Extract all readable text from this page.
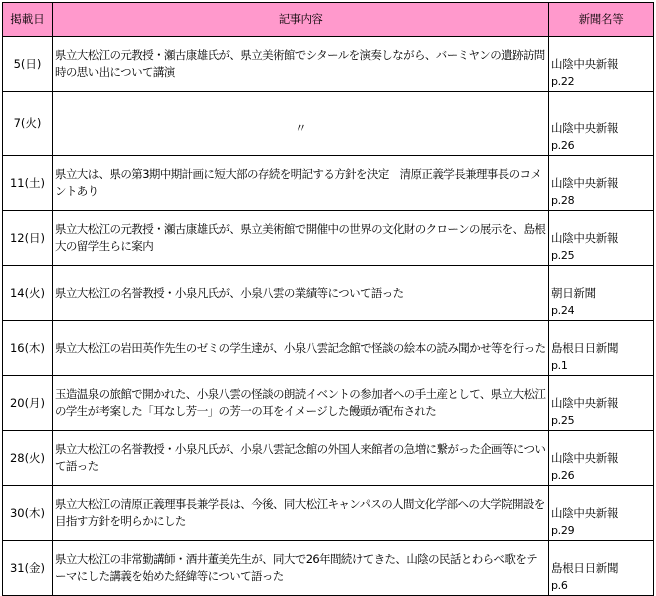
掲載日	記事内容	新聞名等
5(日)	県立大松江の元教授・瀬古康雄氏が、県立美術館でシタールを演奏しながら、バーミヤンの遺跡訪問時の思い出について講演	山陰中央新報
p.22

7(火)	〃	山陰中央新報
p.26

11(土)	県立大は、県の第3期中期計画に短大部の存続を明記する方針を決定　清原正義学長兼理事長のコメントあり	山陰中央新報
p.28

12(日)	県立大松江の元教授・瀬古康雄氏が、県立美術館で開催中の世界の文化財のクローンの展示を、島根大の留学生らに案内	山陰中央新報
p.25

14(火)	県立大松江の名誉教授・小泉凡氏が、小泉八雲の業績等について語った	朝日新聞
p.24

16(木)	県立大松江の岩田英作先生のゼミの学生達が、小泉八雲記念館で怪談の絵本の読み聞かせ等を行った	島根日日新聞
p.1

20(月)	玉造温泉の旅館で開かれた、小泉八雲の怪談の朗読イベントの参加者への手土産として、県立大松江の学生が考案した「耳なし芳一」の芳一の耳をイメージした饅頭が配布された	山陰中央新報
p.25

28(火)	県立大松江の名誉教授・小泉凡氏が、小泉八雲記念館の外国人来館者の急増に繋がった企画等について語った	山陰中央新報
p.26

30(木)	県立大松江の清原正義理事長兼学長は、今後、同大松江キャンパスの人間文化学部への大学院開設を目指す方針を明らかにした	山陰中央新報
p.29

31(金)	県立大松江の非常勤講師・酒井董美先生が、同大で26年間続けてきた、山陰の民話とわらべ歌をテーマにした講義を始めた経緯等について語った	島根日日新聞
p.6
